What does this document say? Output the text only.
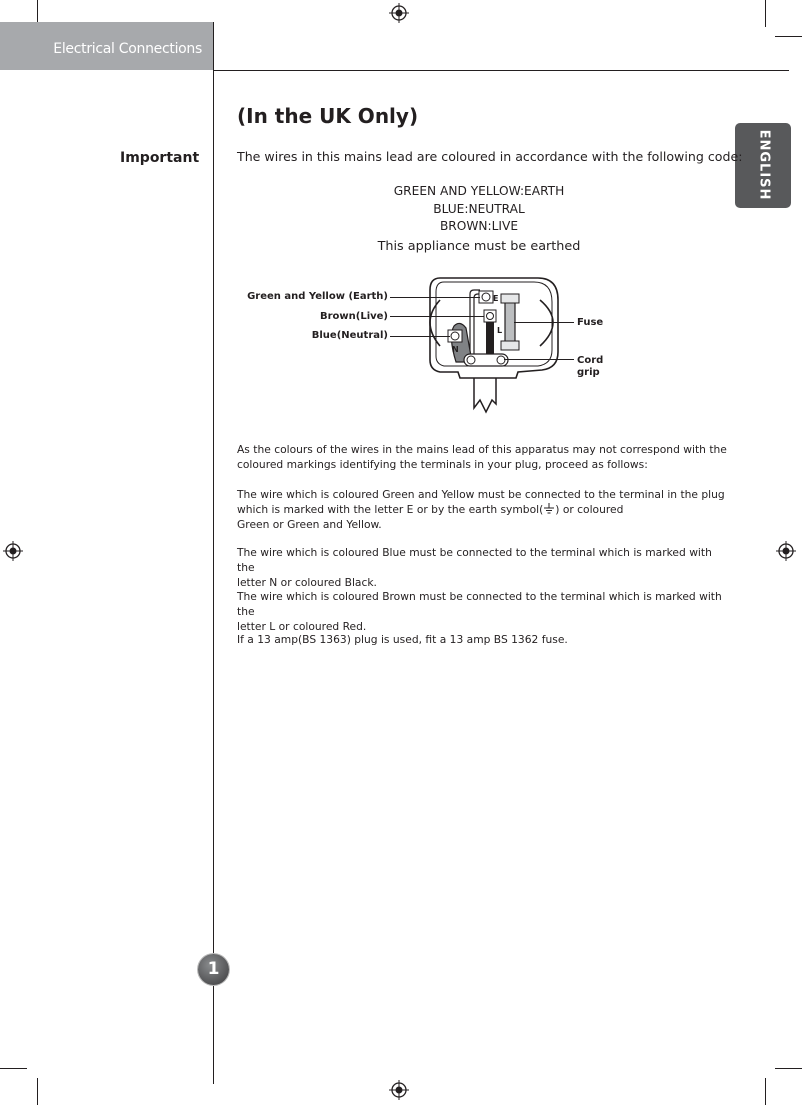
Electrical Connections
ENGLISH
(In the UK Only)
Important	The wires in this mains lead are coloured in accordance with the following code:
GREEN AND YELLOW:EARTH
BLUE:NEUTRAL
BROWN:LIVE
This appliance must be earthed
E
L
N
Green and Yellow (Earth)
Brown(Live)
Blue(Neutral)
Fuse
Cord
grip
As the colours of the wires in the mains lead of this apparatus may not correspond with the
coloured markings identifying the terminals in your plug, proceed as follows:
The wire which is coloured Green and Yellow must be connected to the terminal in the plug
which is marked with the letter E or by the earth symbol( ) or coloured
Green or Green and Yellow.
The wire which is coloured Blue must be connected to the terminal which is marked with the
letter N or coloured Black.
The wire which is coloured Brown must be connected to the terminal which is marked with the
letter L or coloured Red.
If a 13 amp(BS 1363) plug is used, fit a 13 amp BS 1362 fuse.
1
